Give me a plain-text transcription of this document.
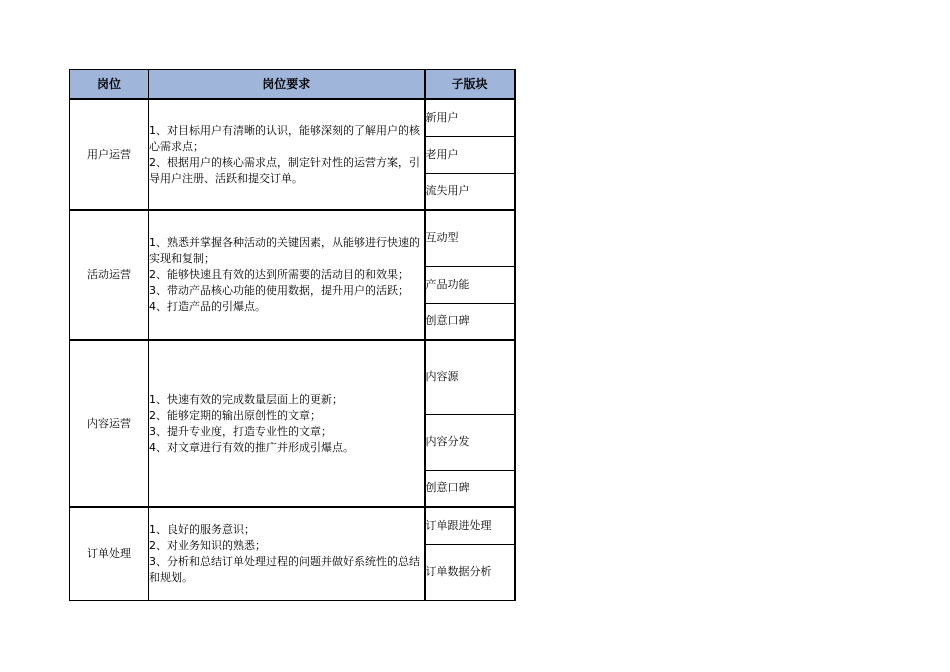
岗位	岗位要求	子版块
用户运营	1、对目标用户有清晰的认识，能够深刻的了解用户的核心需求点；
2、根据用户的核心需求点，制定针对性的运营方案，引导用户注册、活跃和提交订单。	新用户
		老用户
		流失用户
活动运营	1、熟悉并掌握各种活动的关键因素，从能够进行快速的实现和复制；
2、能够快速且有效的达到所需要的活动目的和效果；
3、带动产品核心功能的使用数据，提升用户的活跃；
4、打造产品的引爆点。	互动型
		产品功能
		创意口碑
内容运营	1、快速有效的完成数量层面上的更新；
2、能够定期的输出原创性的文章；
3、提升专业度，打造专业性的文章；
4、对文章进行有效的推广并形成引爆点。	内容源
		内容分发
		创意口碑
订单处理	1、良好的服务意识；
2、对业务知识的熟悉；
3、分析和总结订单处理过程的问题并做好系统性的总结和规划。	订单跟进处理
		订单数据分析
